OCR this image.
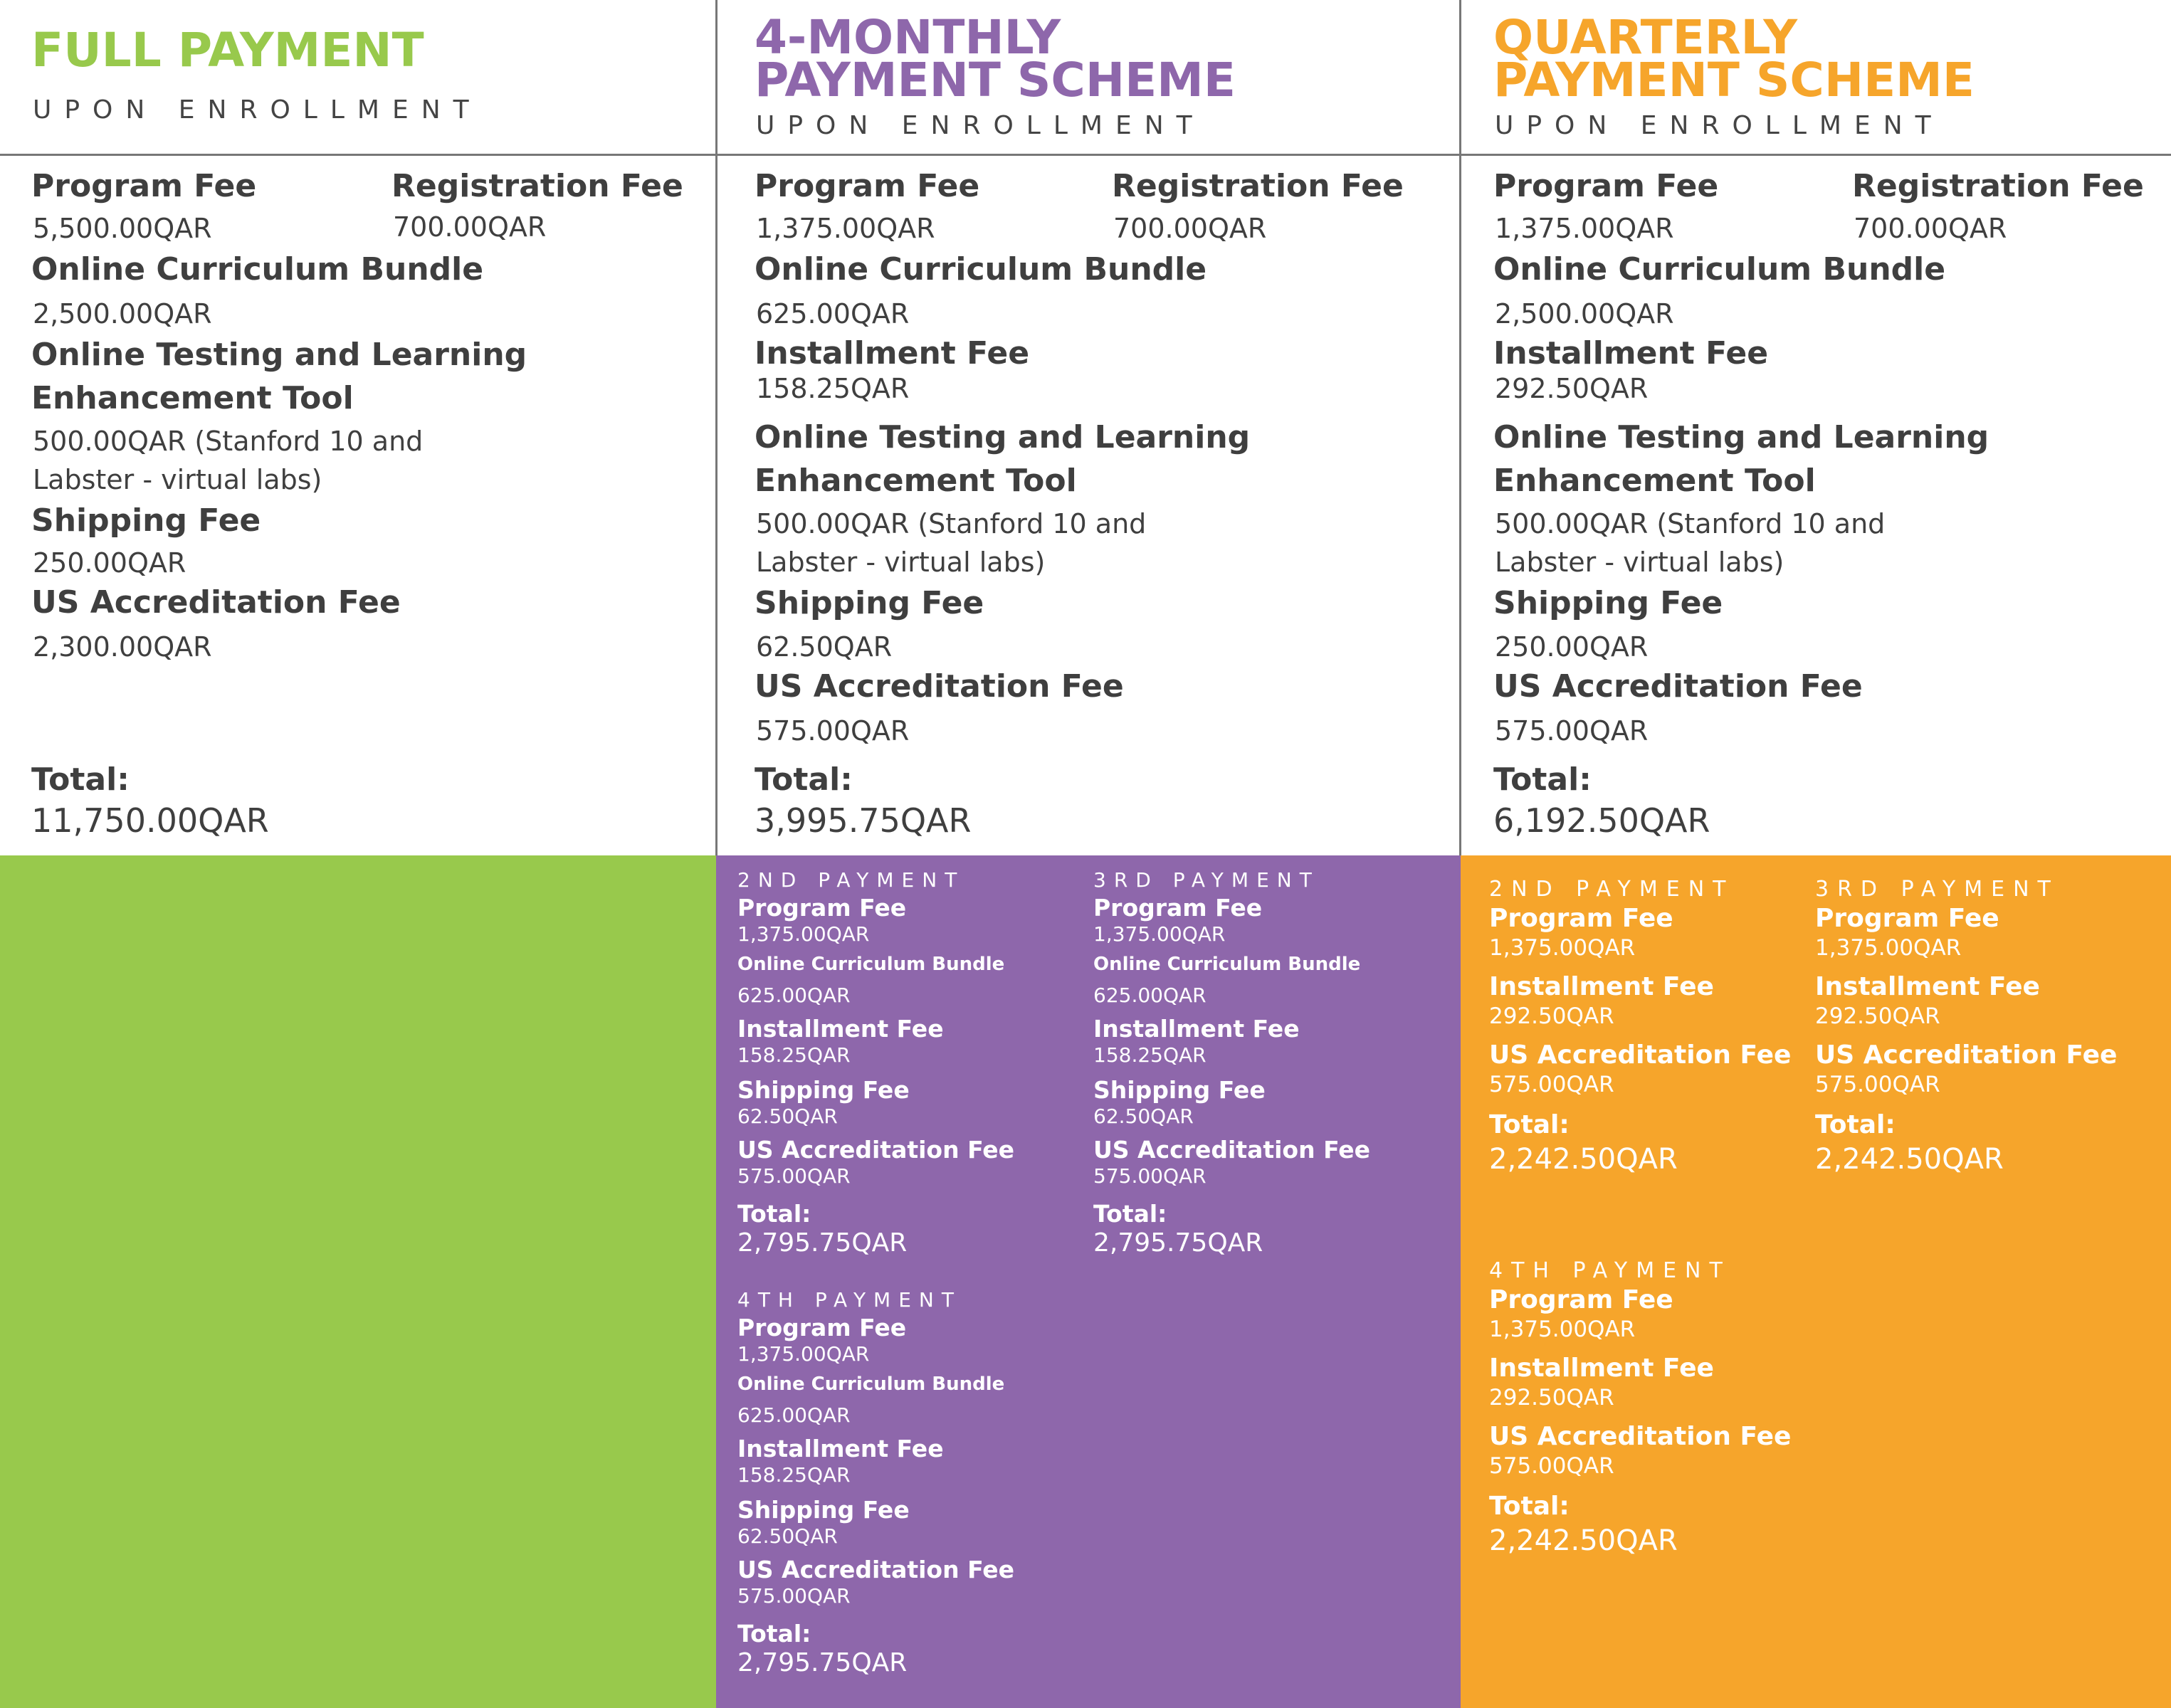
FULL PAYMENT
UPON ENROLLMENT
Program Fee
5,500.00QAR
Registration Fee
700.00QAR
Online Curriculum Bundle
2,500.00QAR
Online Testing and Learning
Enhancement Tool
500.00QAR (Stanford 10 and
Labster - virtual labs)
Shipping Fee
250.00QAR
US Accreditation Fee
2,300.00QAR
Total:
11,750.00QAR
4-MONTHLY
PAYMENT SCHEME
UPON ENROLLMENT
Program Fee
1,375.00QAR
Registration Fee
700.00QAR
Online Curriculum Bundle
625.00QAR
Installment Fee
158.25QAR
Online Testing and Learning
Enhancement Tool
500.00QAR (Stanford 10 and
Labster - virtual labs)
Shipping Fee
62.50QAR
US Accreditation Fee
575.00QAR
Total:
3,995.75QAR
2ND PAYMENT
Program Fee
1,375.00QAR
Online Curriculum Bundle
625.00QAR
Installment Fee
158.25QAR
Shipping Fee
62.50QAR
US Accreditation Fee
575.00QAR
Total:
2,795.75QAR
3RD PAYMENT
Program Fee
1,375.00QAR
Online Curriculum Bundle
625.00QAR
Installment Fee
158.25QAR
Shipping Fee
62.50QAR
US Accreditation Fee
575.00QAR
Total:
2,795.75QAR
4TH PAYMENT
Program Fee
1,375.00QAR
Online Curriculum Bundle
625.00QAR
Installment Fee
158.25QAR
Shipping Fee
62.50QAR
US Accreditation Fee
575.00QAR
Total:
2,795.75QAR
QUARTERLY
PAYMENT SCHEME
UPON ENROLLMENT
Program Fee
1,375.00QAR
Registration Fee
700.00QAR
Online Curriculum Bundle
2,500.00QAR
Installment Fee
292.50QAR
Online Testing and Learning
Enhancement Tool
500.00QAR (Stanford 10 and
Labster - virtual labs)
Shipping Fee
250.00QAR
US Accreditation Fee
575.00QAR
Total:
6,192.50QAR
2ND PAYMENT
Program Fee
1,375.00QAR
Installment Fee
292.50QAR
US Accreditation Fee
575.00QAR
Total:
2,242.50QAR
3RD PAYMENT
Program Fee
1,375.00QAR
Installment Fee
292.50QAR
US Accreditation Fee
575.00QAR
Total:
2,242.50QAR
4TH PAYMENT
Program Fee
1,375.00QAR
Installment Fee
292.50QAR
US Accreditation Fee
575.00QAR
Total:
2,242.50QAR
